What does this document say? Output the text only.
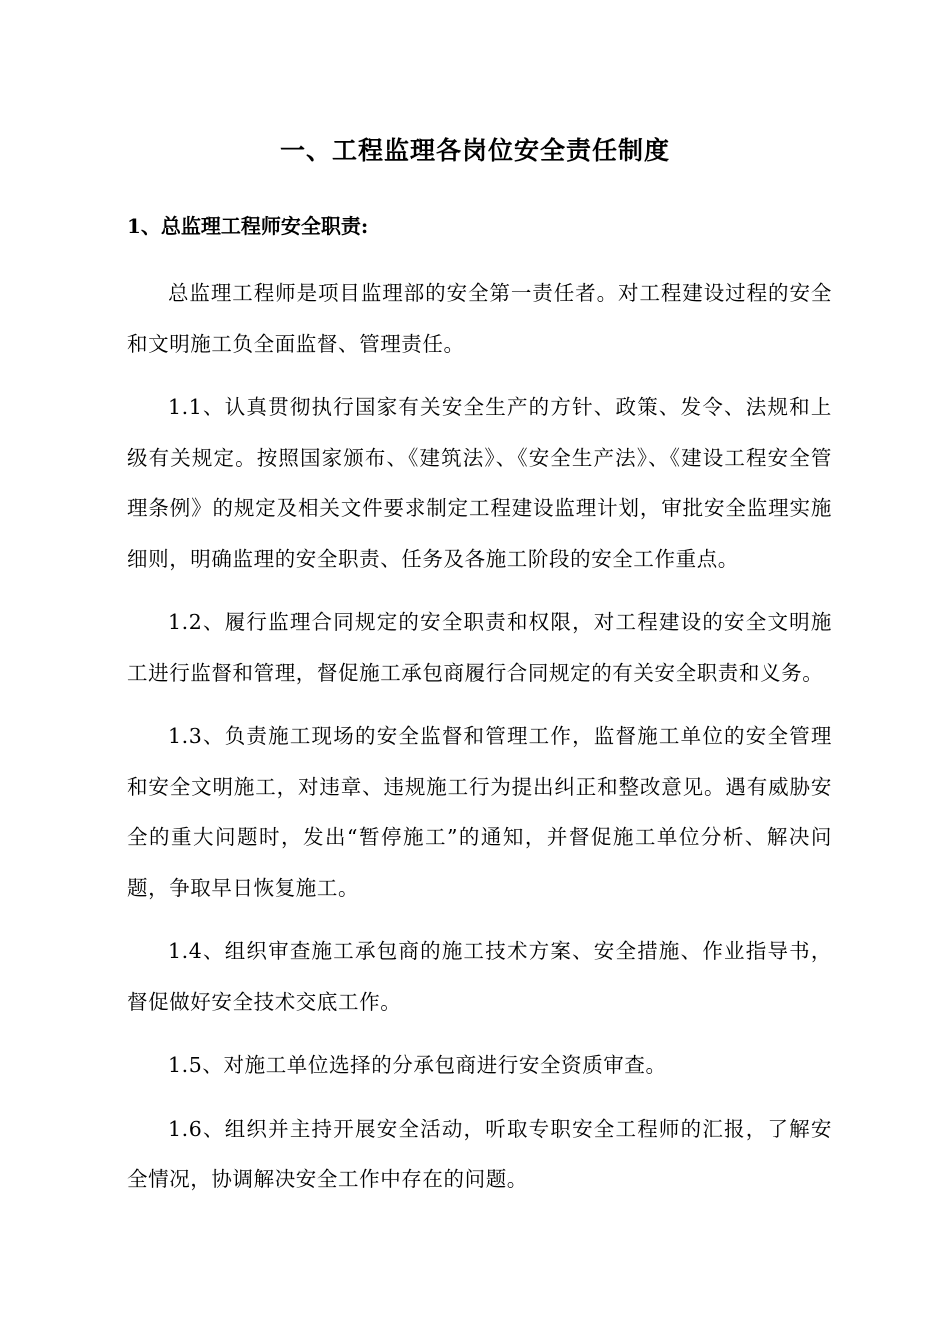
一、工程监理各岗位安全责任制度
1、总监理工程师安全职责:

总监理工程师是项目监理部的安全第一责任者。对工程建设过程的安全和文明施工负全面监督、管理责任。

1.1、认真贯彻执行国家有关安全生产的方针、政策、发令、法规和上级有关规定。按照国家颁布、《建筑法》、《安全生产法》、《建设工程安全管理条例》的规定及相关文件要求制定工程建设监理计划，审批安全监理实施细则，明确监理的安全职责、任务及各施工阶段的安全工作重点。

1.2、履行监理合同规定的安全职责和权限，对工程建设的安全文明施工进行监督和管理，督促施工承包商履行合同规定的有关安全职责和义务。

1.3、负责施工现场的安全监督和管理工作，监督施工单位的安全管理和安全文明施工，对违章、违规施工行为提出纠正和整改意见。遇有威胁安全的重大问题时，发出“暂停施工”的通知，并督促施工单位分析、解决问题，争取早日恢复施工。

1.4、组织审查施工承包商的施工技术方案、安全措施、作业指导书，督促做好安全技术交底工作。

1.5、对施工单位选择的分承包商进行安全资质审查。

1.6、组织并主持开展安全活动，听取专职安全工程师的汇报，了解安全情况，协调解决安全工作中存在的问题。
